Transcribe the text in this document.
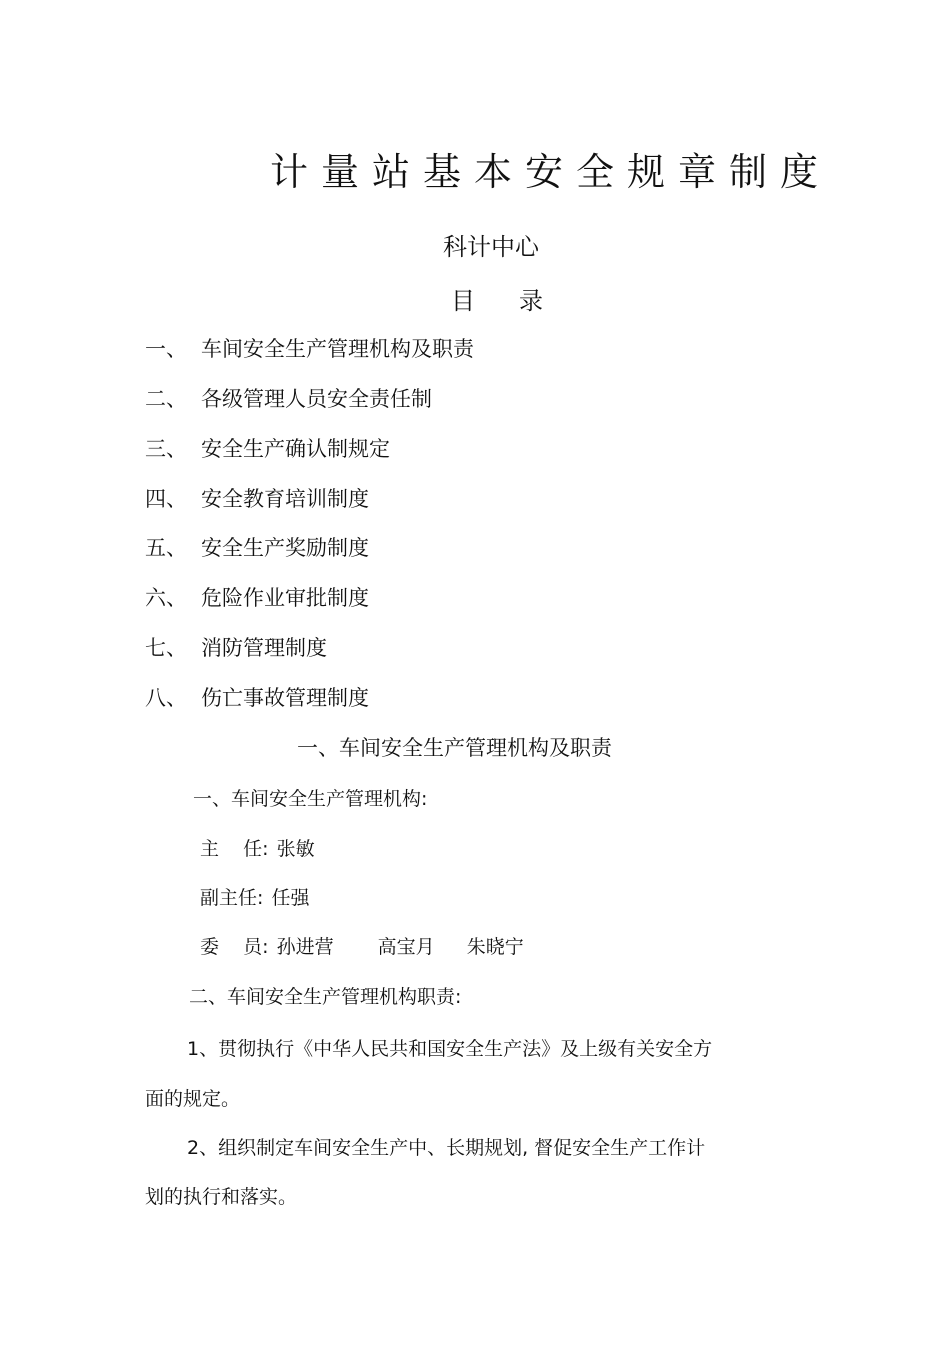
计量站基本安全规章制度
科计中心
目录
一、 车间安全生产管理机构及职责
二、 各级管理人员安全责任制
三、 安全生产确认制规定
四、 安全教育培训制度
五、 安全生产奖励制度
六、 危险作业审批制度
七、 消防管理制度
八、 伤亡事故管理制度
一、车间安全生产管理机构及职责
一、车间安全生产管理机构:
主    任: 张敏
副主任: 任强
委    员: 孙进营 高宝月 朱晓宁
二、车间安全生产管理机构职责:
1、贯彻执行《中华人民共和国安全生产法》及上级有关安全方
面的规定。
2、组织制定车间安全生产中、长期规划, 督促安全生产工作计
划的执行和落实。
